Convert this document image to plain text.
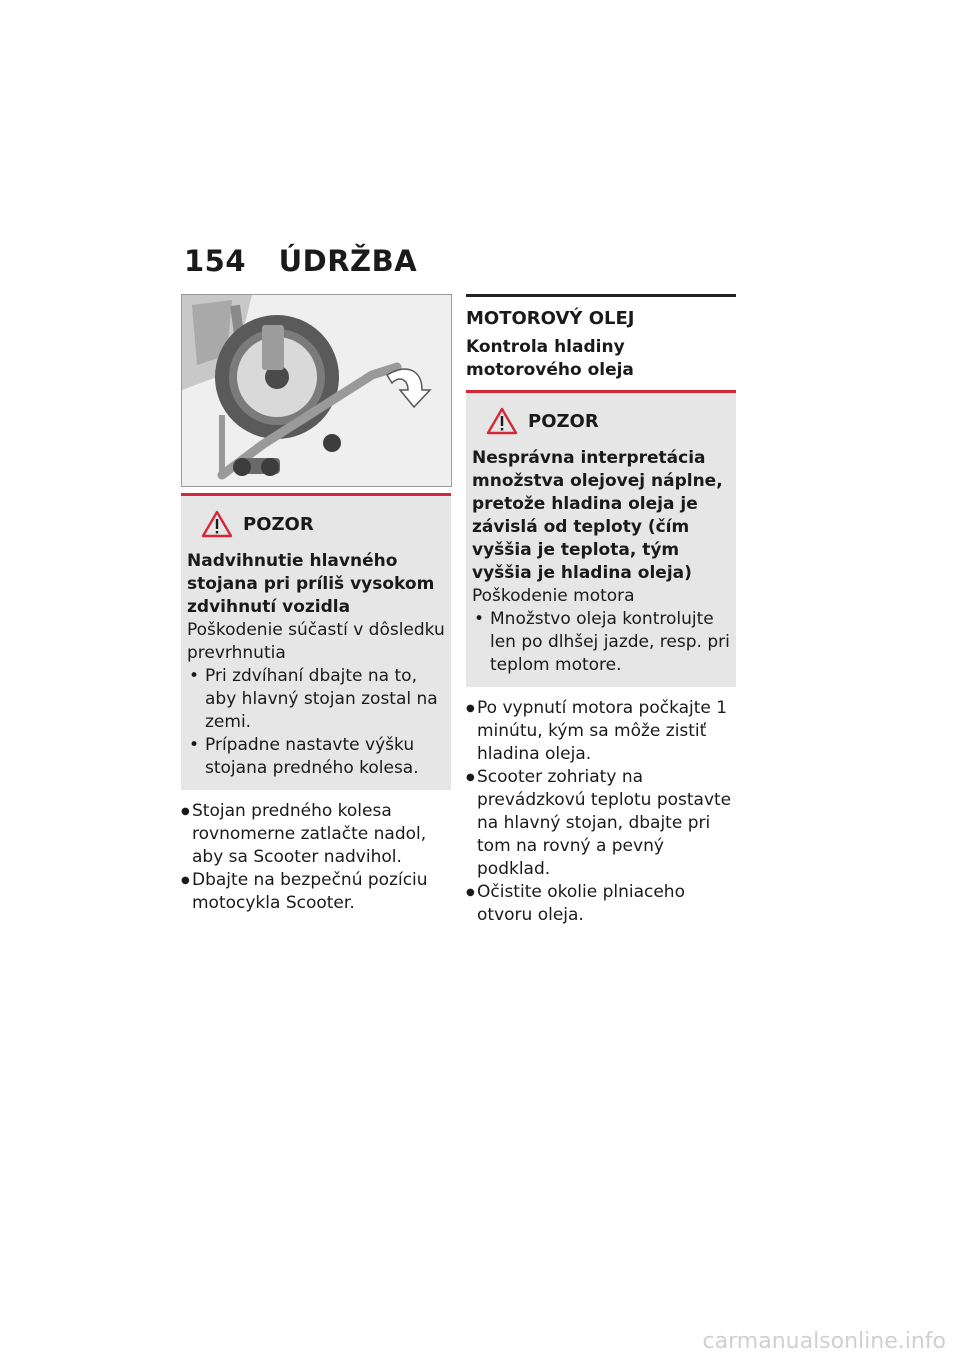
154 ÚDRŽBA
POZOR
Nadvihnutie hlavného stojana pri príliš vysokom zdvihnutí vozidla
Poškodenie súčastí v dôsledku prevrhnutia
• Pri zdvíhaní dbajte na to, aby hlavný stojan zostal na zemi.
• Prípadne nastavte výšku stojana predného kolesa.
● Stojan predného kolesa rovnomerne zatlačte nadol, aby sa Scooter nadvihol.
● Dbajte na bezpečnú pozíciu motocykla Scooter.
MOTOROVÝ OLEJ
Kontrola hladiny motorového oleja
POZOR
Nesprávna interpretácia množstva olejovej náplne, pretože hladina oleja je závislá od teploty (čím vyššia je teplota, tým vyššia je hladina oleja)
Poškodenie motora
• Množstvo oleja kontrolujte len po dlhšej jazde, resp. pri teplom motore.
● Po vypnutí motora počkajte 1 minútu, kým sa môže zistiť hladina oleja.
● Scooter zohriaty na prevádzkovú teplotu postavte na hlavný stojan, dbajte pri tom na rovný a pevný podklad.
● Očistite okolie plniaceho otvoru oleja.
carmanualsonline.info
